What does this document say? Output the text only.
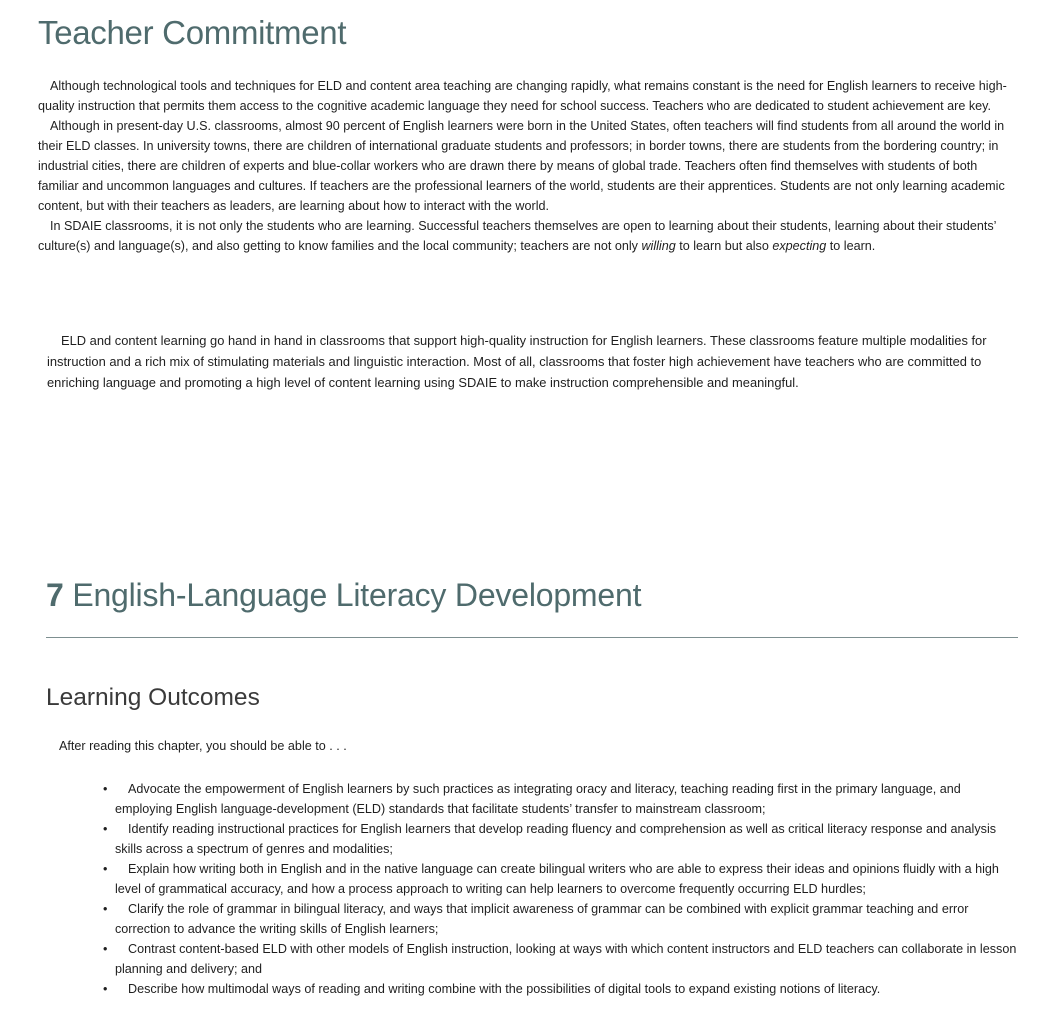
Teacher Commitment

Although technological tools and techniques for ELD and content area teaching are changing rapidly, what remains constant is the need for English learners to receive high-quality instruction that permits them access to the cognitive academic language they need for school success. Teachers who are dedicated to student achievement are key.

Although in present-day U.S. classrooms, almost 90 percent of English learners were born in the United States, often teachers will find students from all around the world in their ELD classes. In university towns, there are children of international graduate students and professors; in border towns, there are students from the bordering country; in industrial cities, there are children of experts and blue-collar workers who are drawn there by means of global trade. Teachers often find themselves with students of both familiar and uncommon languages and cultures. If teachers are the professional learners of the world, students are their apprentices. Students are not only learning academic content, but with their teachers as leaders, are learning about how to interact with the world.

In SDAIE classrooms, it is not only the students who are learning. Successful teachers themselves are open to learning about their students, learning about their students’ culture(s) and language(s), and also getting to know families and the local community; teachers are not only willing to learn but also expecting to learn.

ELD and content learning go hand in hand in classrooms that support high-quality instruction for English learners. These classrooms feature multiple modalities for instruction and a rich mix of stimulating materials and linguistic interaction. Most of all, classrooms that foster high achievement have teachers who are committed to enriching language and promoting a high level of content learning using SDAIE to make instruction comprehensible and meaningful.

7 English-Language Literacy Development
Learning Outcomes

After reading this chapter, you should be able to . . .

•	Advocate the empowerment of English learners by such practices as integrating oracy and literacy, teaching reading first in the primary language, and employing English language-development (ELD) standards that facilitate students’ transfer to mainstream classroom;
•	Identify reading instructional practices for English learners that develop reading fluency and comprehension as well as critical literacy response and analysis skills across a spectrum of genres and modalities;
•	Explain how writing both in English and in the native language can create bilingual writers who are able to express their ideas and opinions fluidly with a high level of grammatical accuracy, and how a process approach to writing can help learners to overcome frequently occurring ELD hurdles;
•	Clarify the role of grammar in bilingual literacy, and ways that implicit awareness of grammar can be combined with explicit grammar teaching and error correction to advance the writing skills of English learners;
•	Contrast content-based ELD with other models of English instruction, looking at ways with which content instructors and ELD teachers can collaborate in lesson planning and delivery; and
•	Describe how multimodal ways of reading and writing combine with the possibilities of digital tools to expand existing notions of literacy.
